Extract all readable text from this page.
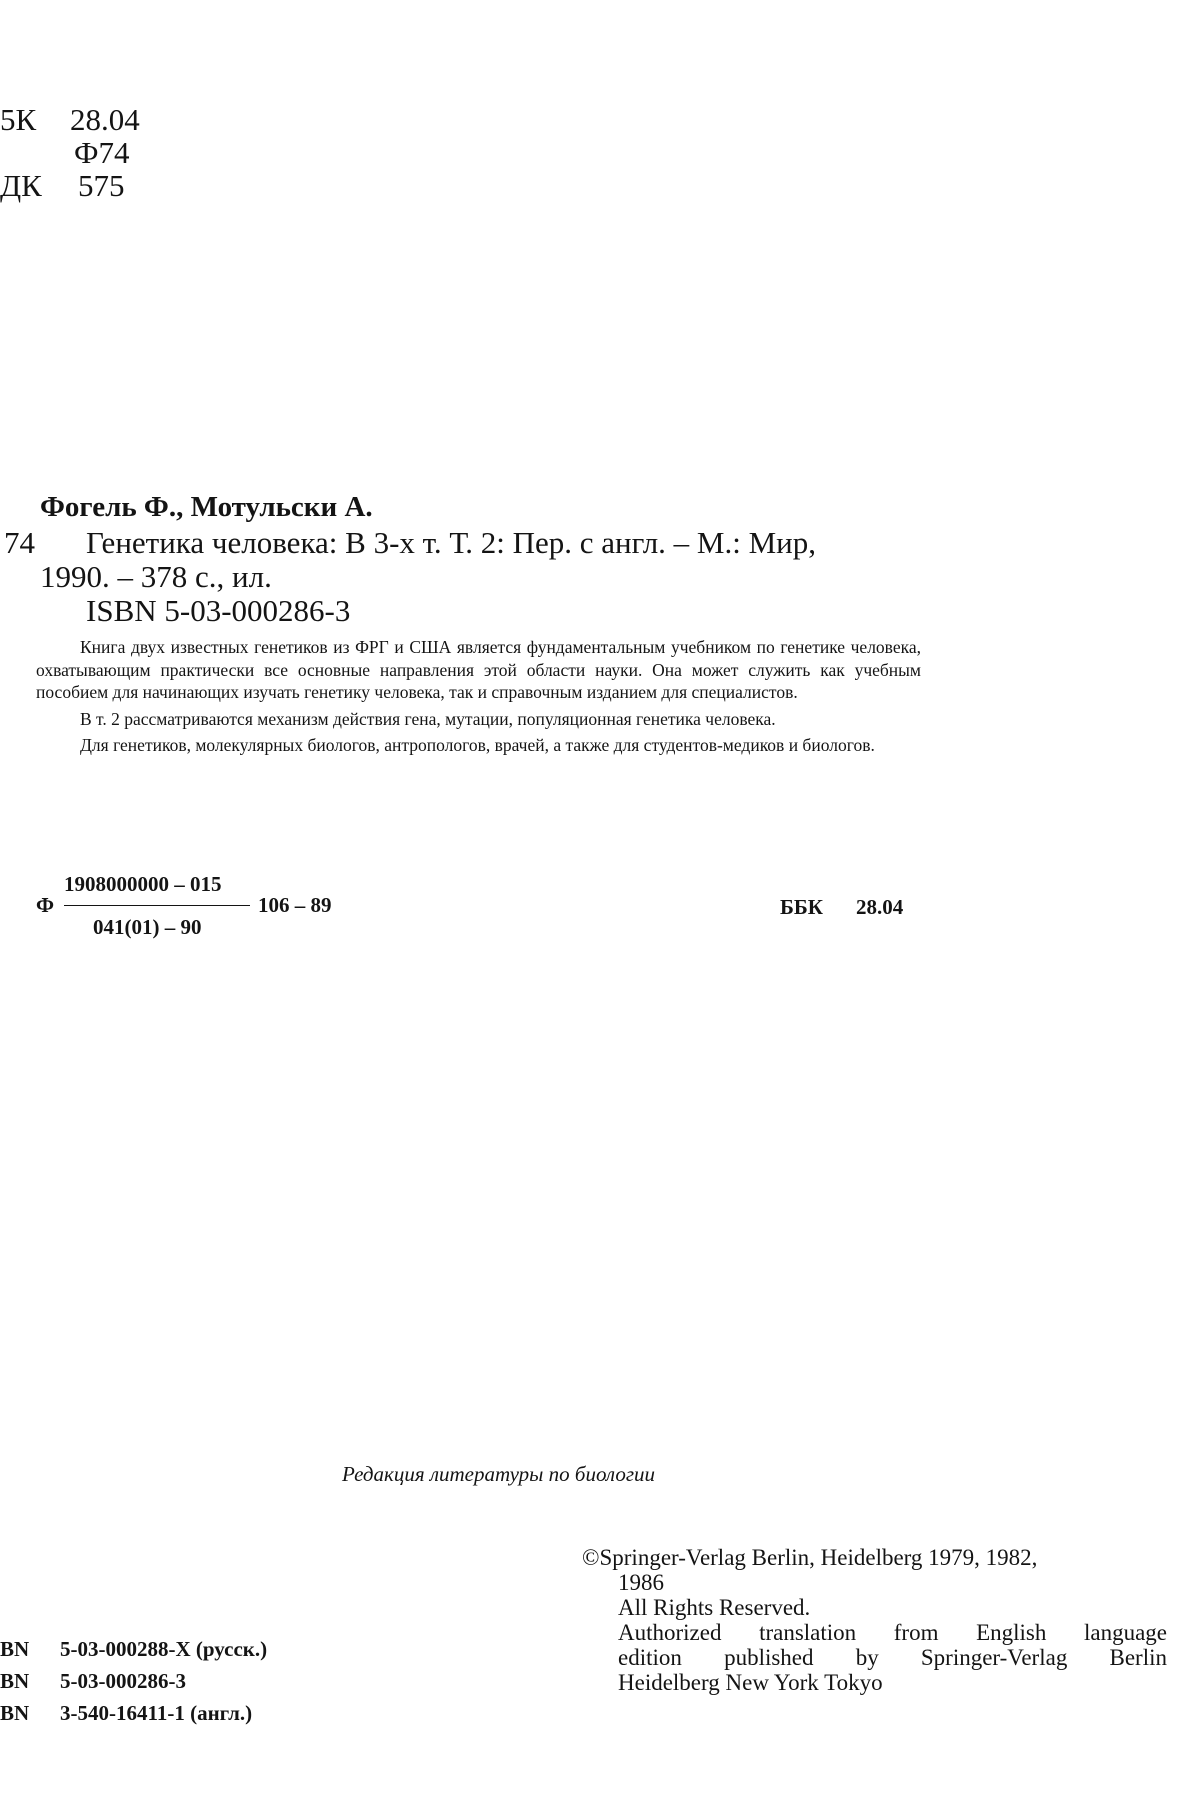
5К 28.04
Ф74
ДК 575
Фогель Ф., Мотульски А.
74 Генетика человека: В 3-х т. Т. 2: Пер. с англ. – М.: Мир,
1990. – 378 с., ил.
ISBN 5-03-000286-3

Книга двух известных генетиков из ФРГ и США является фундаментальным учебником по генетике человека, охватывающим практически все основные направления этой области науки. Она может служить как учебным пособием для начинающих изучать генетику человека, так и справочным изданием для специалистов.

В т. 2 рассматриваются механизм действия гена, мутации, популяционная генетика человека.

Для генетиков, молекулярных биологов, антропологов, врачей, а также для студентов-медиков и биологов.

Ф
1908000000 – 015
041(01) – 90
106 – 89	ББК 28.04
Редакция литературы по биологии
©Springer-Verlag Berlin, Heidelberg 1979, 1982,
1986
All Rights Reserved.
Authorized translation from English language
edition published by Springer-Verlag Berlin
Heidelberg New York Tokyo
BN 5-03-000288-X (русск.)
BN 5-03-000286-3
BN 3-540-16411-1 (англ.)
